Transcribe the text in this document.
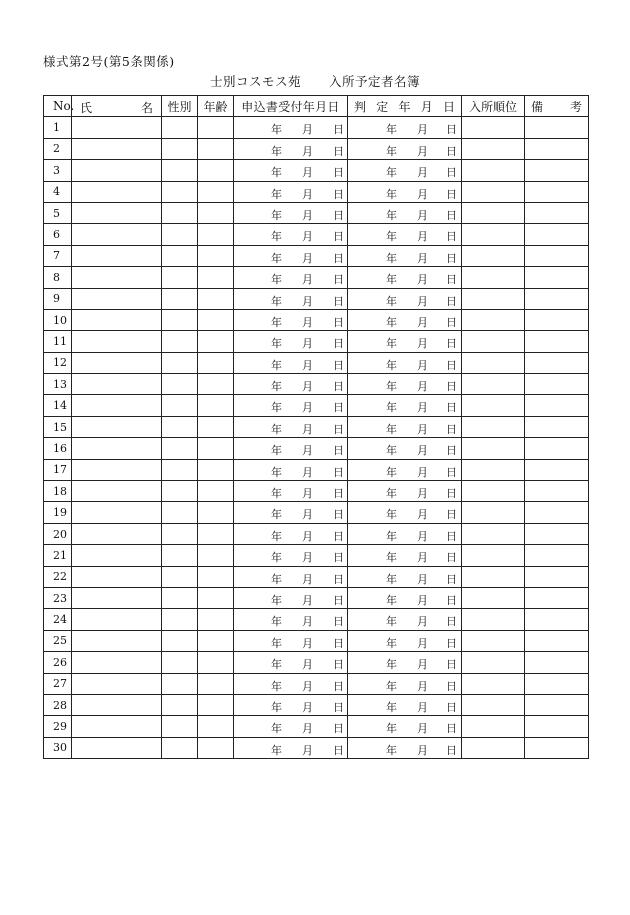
様式第2号(第5条関係)
士別コスモス苑 入所予定者名簿
No.	氏 名	性別	年齢	申込書受付年月日	判 定 年 月 日	入所順位	備 考

1				年 月 日	年 月 日		

2				年 月 日	年 月 日		

3				年 月 日	年 月 日		

4				年 月 日	年 月 日		

5				年 月 日	年 月 日		

6				年 月 日	年 月 日		

7				年 月 日	年 月 日		

8				年 月 日	年 月 日		

9				年 月 日	年 月 日		

10				年 月 日	年 月 日		

11				年 月 日	年 月 日		

12				年 月 日	年 月 日		

13				年 月 日	年 月 日		

14				年 月 日	年 月 日		

15				年 月 日	年 月 日		

16				年 月 日	年 月 日		

17				年 月 日	年 月 日		

18				年 月 日	年 月 日		

19				年 月 日	年 月 日		

20				年 月 日	年 月 日		

21				年 月 日	年 月 日		

22				年 月 日	年 月 日		

23				年 月 日	年 月 日		

24				年 月 日	年 月 日		

25				年 月 日	年 月 日		

26				年 月 日	年 月 日		

27				年 月 日	年 月 日		

28				年 月 日	年 月 日		

29				年 月 日	年 月 日		

30				年 月 日	年 月 日		
